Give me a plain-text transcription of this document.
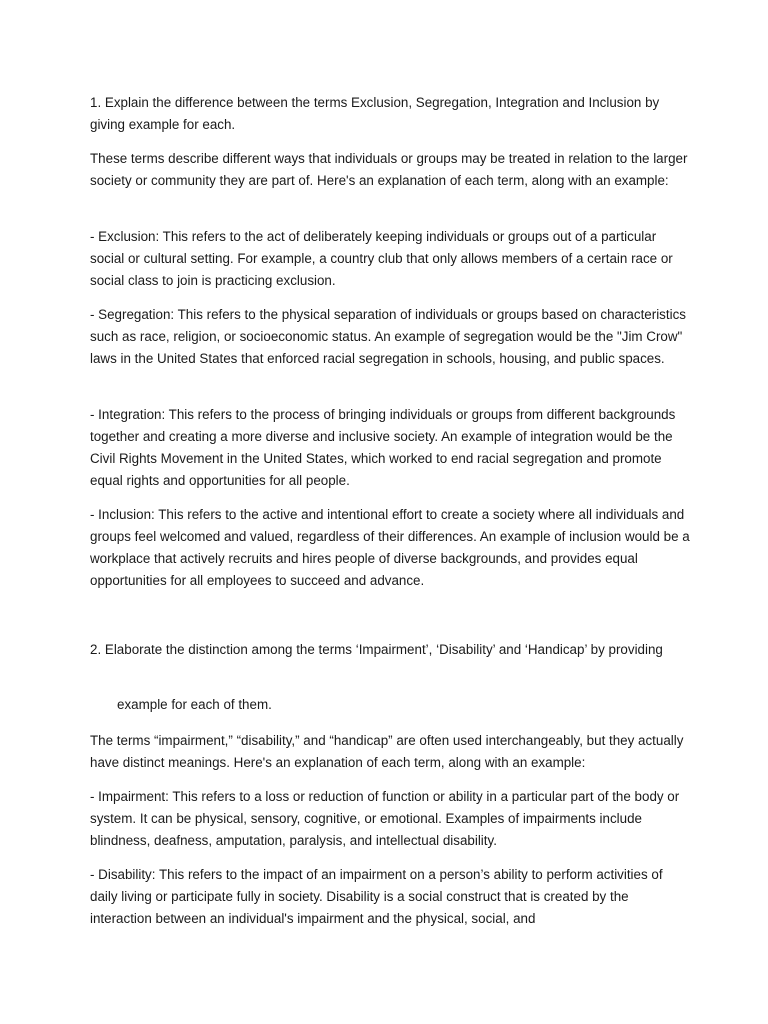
1. Explain the difference between the terms Exclusion, Segregation, Integration and Inclusion by giving example for each.

These terms describe different ways that individuals or groups may be treated in relation to the larger society or community they are part of. Here's an explanation of each term, along with an example:

- Exclusion: This refers to the act of deliberately keeping individuals or groups out of a particular social or cultural setting. For example, a country club that only allows members of a certain race or social class to join is practicing exclusion.

- Segregation: This refers to the physical separation of individuals or groups based on characteristics such as race, religion, or socioeconomic status. An example of segregation would be the "Jim Crow" laws in the United States that enforced racial segregation in schools, housing, and public spaces.

- Integration: This refers to the process of bringing individuals or groups from different backgrounds together and creating a more diverse and inclusive society. An example of integration would be the Civil Rights Movement in the United States, which worked to end racial segregation and promote equal rights and opportunities for all people.

- Inclusion: This refers to the active and intentional effort to create a society where all individuals and groups feel welcomed and valued, regardless of their differences. An example of inclusion would be a workplace that actively recruits and hires people of diverse backgrounds, and provides equal opportunities for all employees to succeed and advance.

2. Elaborate the distinction among the terms ‘Impairment’, ‘Disability’ and ‘Handicap’ by providing

example for each of them.

The terms “impairment,” “disability,” and “handicap” are often used interchangeably, but they actually have distinct meanings. Here's an explanation of each term, along with an example:

- Impairment: This refers to a loss or reduction of function or ability in a particular part of the body or system. It can be physical, sensory, cognitive, or emotional. Examples of impairments include blindness, deafness, amputation, paralysis, and intellectual disability.

- Disability: This refers to the impact of an impairment on a person’s ability to perform activities of daily living or participate fully in society. Disability is a social construct that is created by the interaction between an individual's impairment and the physical, social, and
